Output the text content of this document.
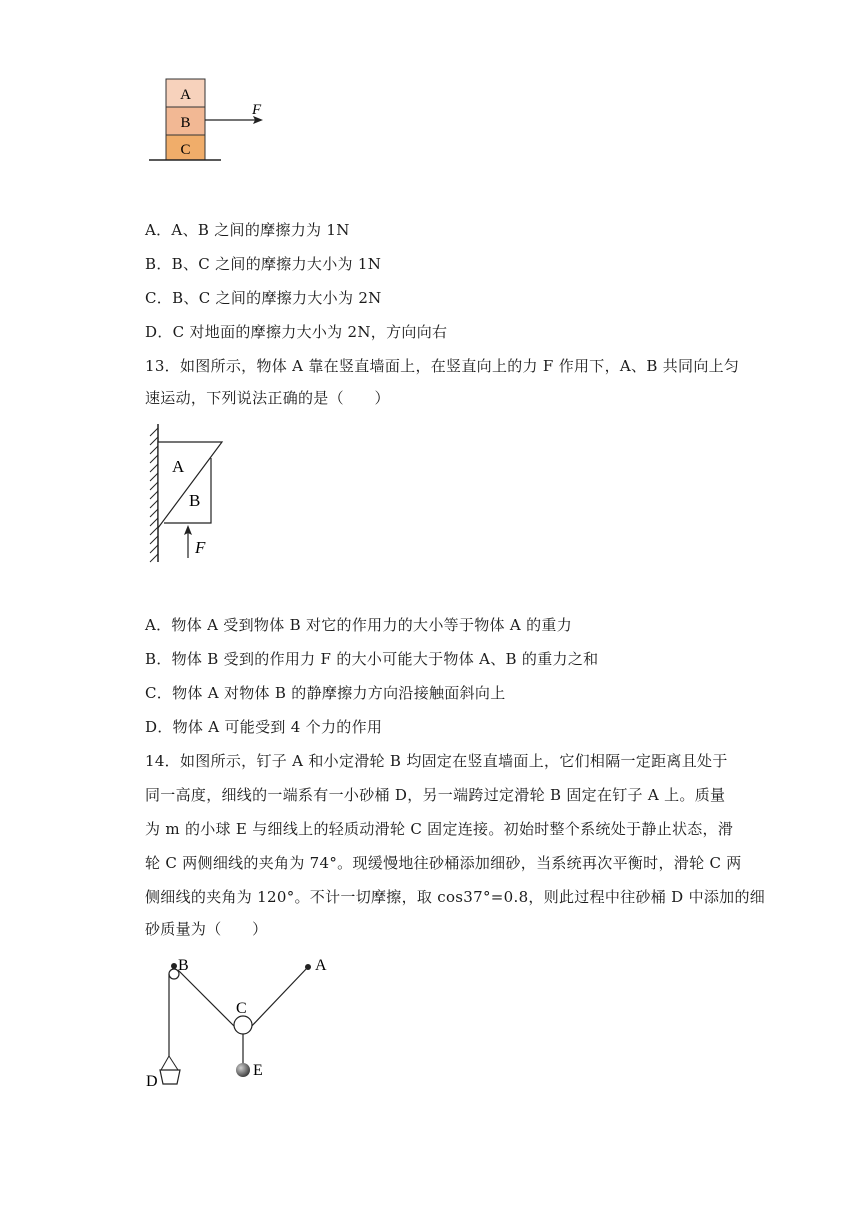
A
B
C
F
A．A、B 之间的摩擦力为 1N
B．B、C 之间的摩擦力大小为 1N
C．B、C 之间的摩擦力大小为 2N
D．C 对地面的摩擦力大小为 2N，方向向右
13．如图所示，物体 A 靠在竖直墙面上，在竖直向上的力 F 作用下，A、B 共同向上匀
速运动，下列说法正确的是（　　）
A
B
F
A．物体 A 受到物体 B 对它的作用力的大小等于物体 A 的重力
B．物体 B 受到的作用力 F 的大小可能大于物体 A、B 的重力之和
C．物体 A 对物体 B 的静摩擦力方向沿接触面斜向上
D．物体 A 可能受到 4 个力的作用
14．如图所示，钉子 A 和小定滑轮 B 均固定在竖直墙面上，它们相隔一定距离且处于
同一高度，细线的一端系有一小砂桶 D，另一端跨过定滑轮 B 固定在钉子 A 上。质量
为 m 的小球 E 与细线上的轻质动滑轮 C 固定连接。初始时整个系统处于静止状态，滑
轮 C 两侧细线的夹角为 74°。现缓慢地往砂桶添加细砂，当系统再次平衡时，滑轮 C 两
侧细线的夹角为 120°。不计一切摩擦，取 cos37°=0.8，则此过程中往砂桶 D 中添加的细
砂质量为（　　）
B	A
C
E
D
